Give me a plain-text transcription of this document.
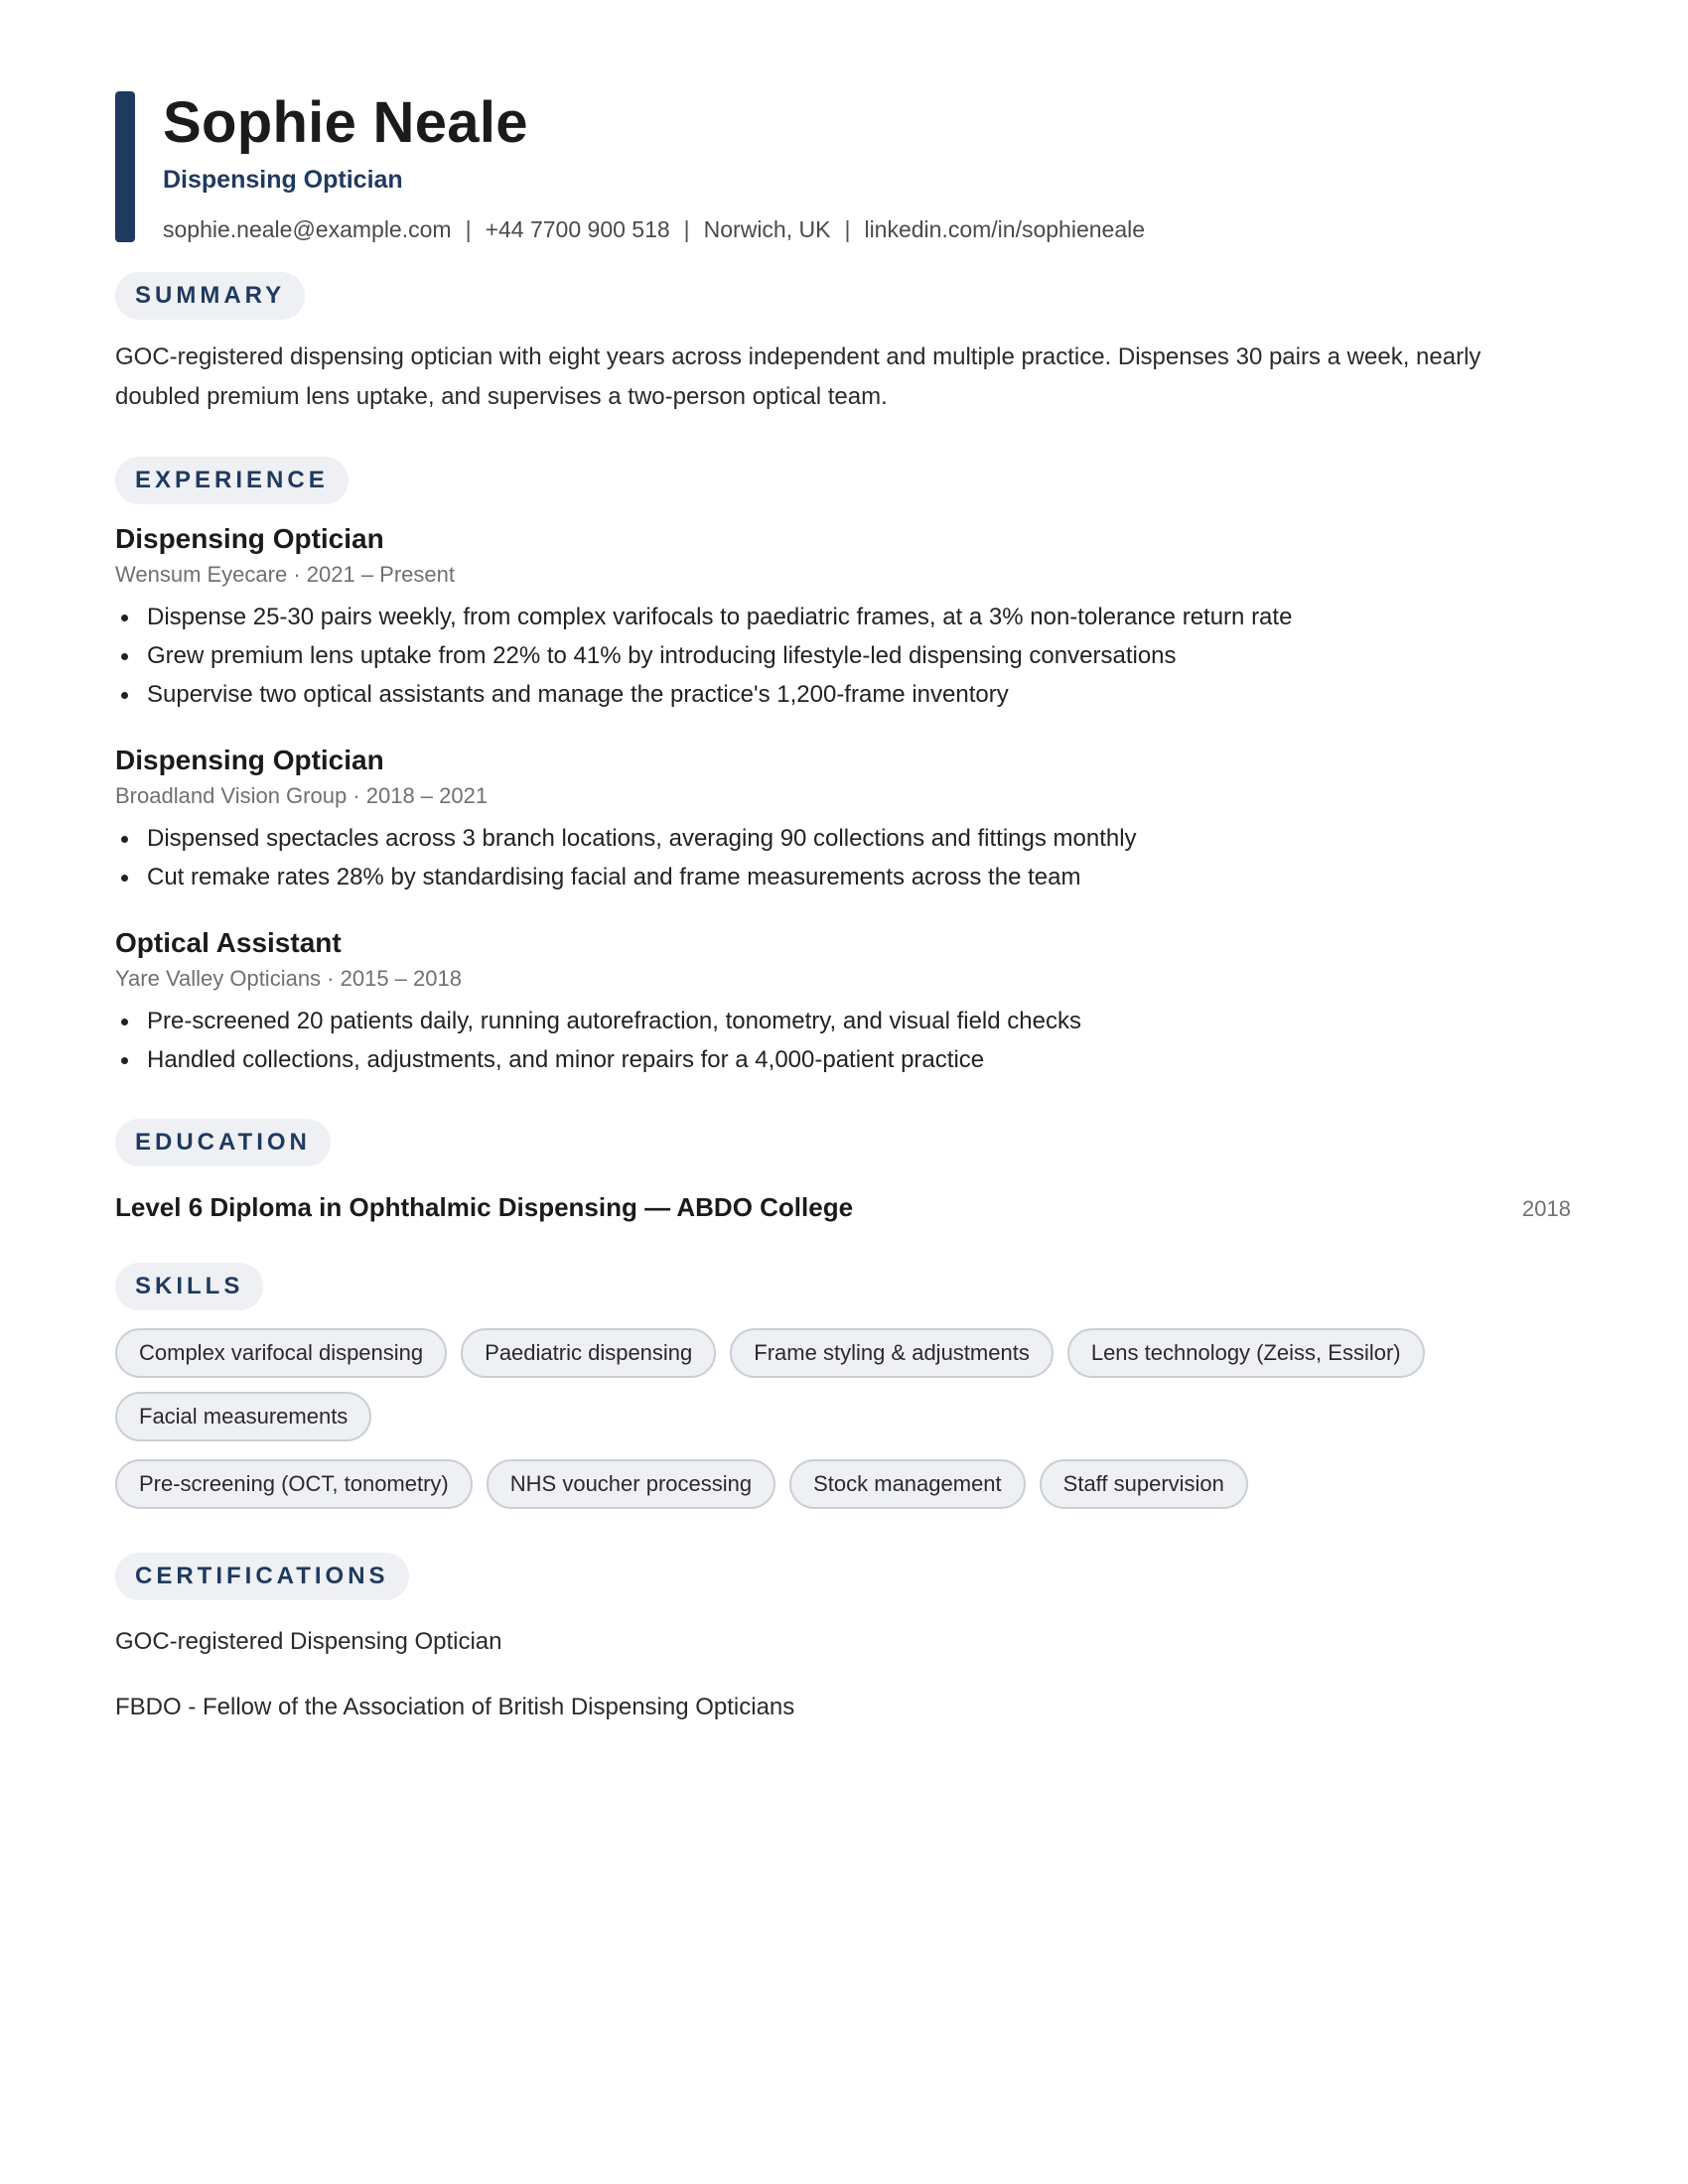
Sophie Neale
Dispensing Optician
sophie.neale@example.com | +44 7700 900 518 | Norwich, UK | linkedin.com/in/sophieneale
SUMMARY

GOC-registered dispensing optician with eight years across independent and multiple practice. Dispenses 30 pairs a week, nearly doubled premium lens uptake, and supervises a two-person optical team.

EXPERIENCE
Dispensing Optician
Wensum Eyecare · 2021 – Present
Dispense 25-30 pairs weekly, from complex varifocals to paediatric frames, at a 3% non-tolerance return rate
Grew premium lens uptake from 22% to 41% by introducing lifestyle-led dispensing conversations
Supervise two optical assistants and manage the practice's 1,200-frame inventory
Dispensing Optician
Broadland Vision Group · 2018 – 2021
Dispensed spectacles across 3 branch locations, averaging 90 collections and fittings monthly
Cut remake rates 28% by standardising facial and frame measurements across the team
Optical Assistant
Yare Valley Opticians · 2015 – 2018
Pre-screened 20 patients daily, running autorefraction, tonometry, and visual field checks
Handled collections, adjustments, and minor repairs for a 4,000-patient practice
EDUCATION
Level 6 Diploma in Ophthalmic Dispensing — ABDO College	2018
SKILLS
Complex varifocal dispensing	Paediatric dispensing	Frame styling & adjustments	Lens technology (Zeiss, Essilor)
Facial measurements
Pre-screening (OCT, tonometry)	NHS voucher processing	Stock management	Staff supervision
CERTIFICATIONS
GOC-registered Dispensing Optician
FBDO - Fellow of the Association of British Dispensing Opticians
